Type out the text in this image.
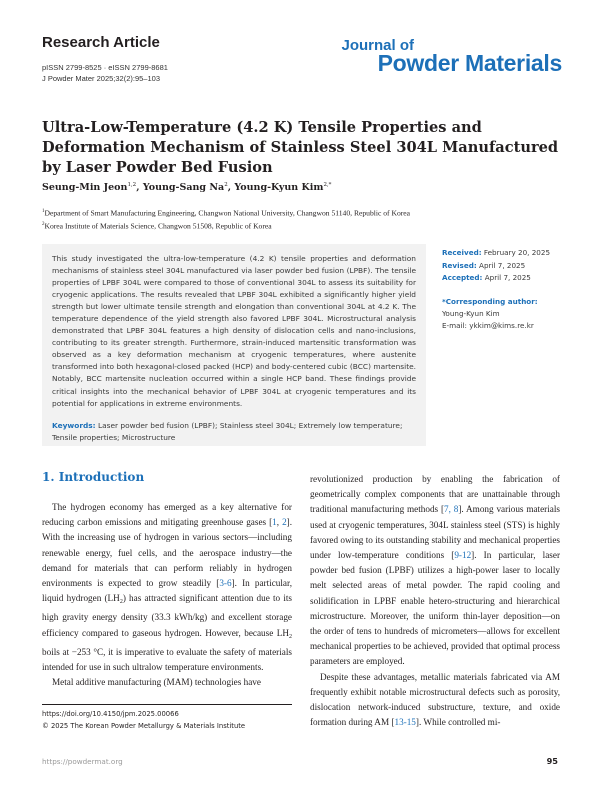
Research Article
pISSN 2799-8525 · eISSN 2799-8681
J Powder Mater 2025;32(2):95–103
Journal of
Powder Materials
Ultra-Low-Temperature (4.2 K) Tensile Properties and Deformation Mechanism of Stainless Steel 304L Manufactured by Laser Powder Bed Fusion
Seung-Min Jeon$^{1,2}$, Young-Sang Na$^2$, Young-Kyun Kim$^{2,*}$
$^1$Department of Smart Manufacturing Engineering, Changwon National University, Changwon 51140, Republic of Korea
$^2$Korea Institute of Materials Science, Changwon 51508, Republic of Korea

This study investigated the ultra-low-temperature (4.2 K) tensile properties and deformation mechanisms of stainless steel 304L manufactured via laser powder bed fusion (LPBF). The tensile properties of LPBF 304L were compared to those of conventional 304L to assess its suitability for cryogenic applications. The results revealed that LPBF 304L exhibited a significantly higher yield strength but lower ultimate tensile strength and elongation than conventional 304L at 4.2 K. The temperature dependence of the yield strength also favored LPBF 304L. Microstructural analysis demonstrated that LPBF 304L features a high density of dislocation cells and nano-inclusions, contributing to its greater strength. Furthermore, strain-induced martensitic transformation was observed as a key deformation mechanism at cryogenic temperatures, where austenite transformed into both hexagonal-closed packed (HCP) and body-centered cubic (BCC) martensite. Notably, BCC martensite nucleation occurred within a single HCP band. These findings provide critical insights into the mechanical behavior of LPBF 304L at cryogenic temperatures and its potential for applications in extreme environments.

Keywords: Laser powder bed fusion (LPBF); Stainless steel 304L; Extremely low temperature; Tensile properties; Microstructure

Received: February 20, 2025
Revised: April 7, 2025
Accepted: April 7, 2025
*Corresponding author:
Young-Kyun Kim
E-mail: ykkim@kims.re.kr
1. Introduction

The hydrogen economy has emerged as a key alternative for reducing carbon emissions and mitigating greenhouse gases [1, 2]. With the increasing use of hydrogen in various sectors—including renewable energy, fuel cells, and the aerospace industry—the demand for materials that can perform reliably in hydrogen environments is expected to grow steadily [3-6]. In particular, liquid hydrogen $(LH_2)$ has attracted significant attention due to its high gravity energy density (33.3 kWh/kg) and excellent storage efficiency compared to gaseous hydrogen. However, because $LH_2$ boils at −253 °C, it is imperative to evaluate the safety of materials intended for use in such ultralow temperature environments.

Metal additive manufacturing (MAM) technologies have

revolutionized production by enabling the fabrication of geometrically complex components that are unattainable through traditional manufacturing methods [7, 8]. Among various materials used at cryogenic temperatures, 304L stainless steel (STS) is highly favored owing to its outstanding stability and mechanical properties under low-temperature conditions [9-12]. In particular, laser powder bed fusion (LPBF) utilizes a high-power laser to locally melt selected areas of metal powder. The rapid cooling and solidification in LPBF enable hetero-structuring and hierarchical microstructure. Moreover, the uniform thin-layer deposition—on the order of tens to hundreds of micrometers—allows for excellent mechanical properties to be achieved, provided that optimal process parameters are employed.

Despite these advantages, metallic materials fabricated via AM frequently exhibit notable microstructural defects such as porosity, dislocation network-induced substructure, texture, and oxide formation during AM [13-15]. While controlled mi-

https://doi.org/10.4150/jpm.2025.00066
© 2025 The Korean Powder Metallurgy & Materials Institute
https://powdermat.org	95
